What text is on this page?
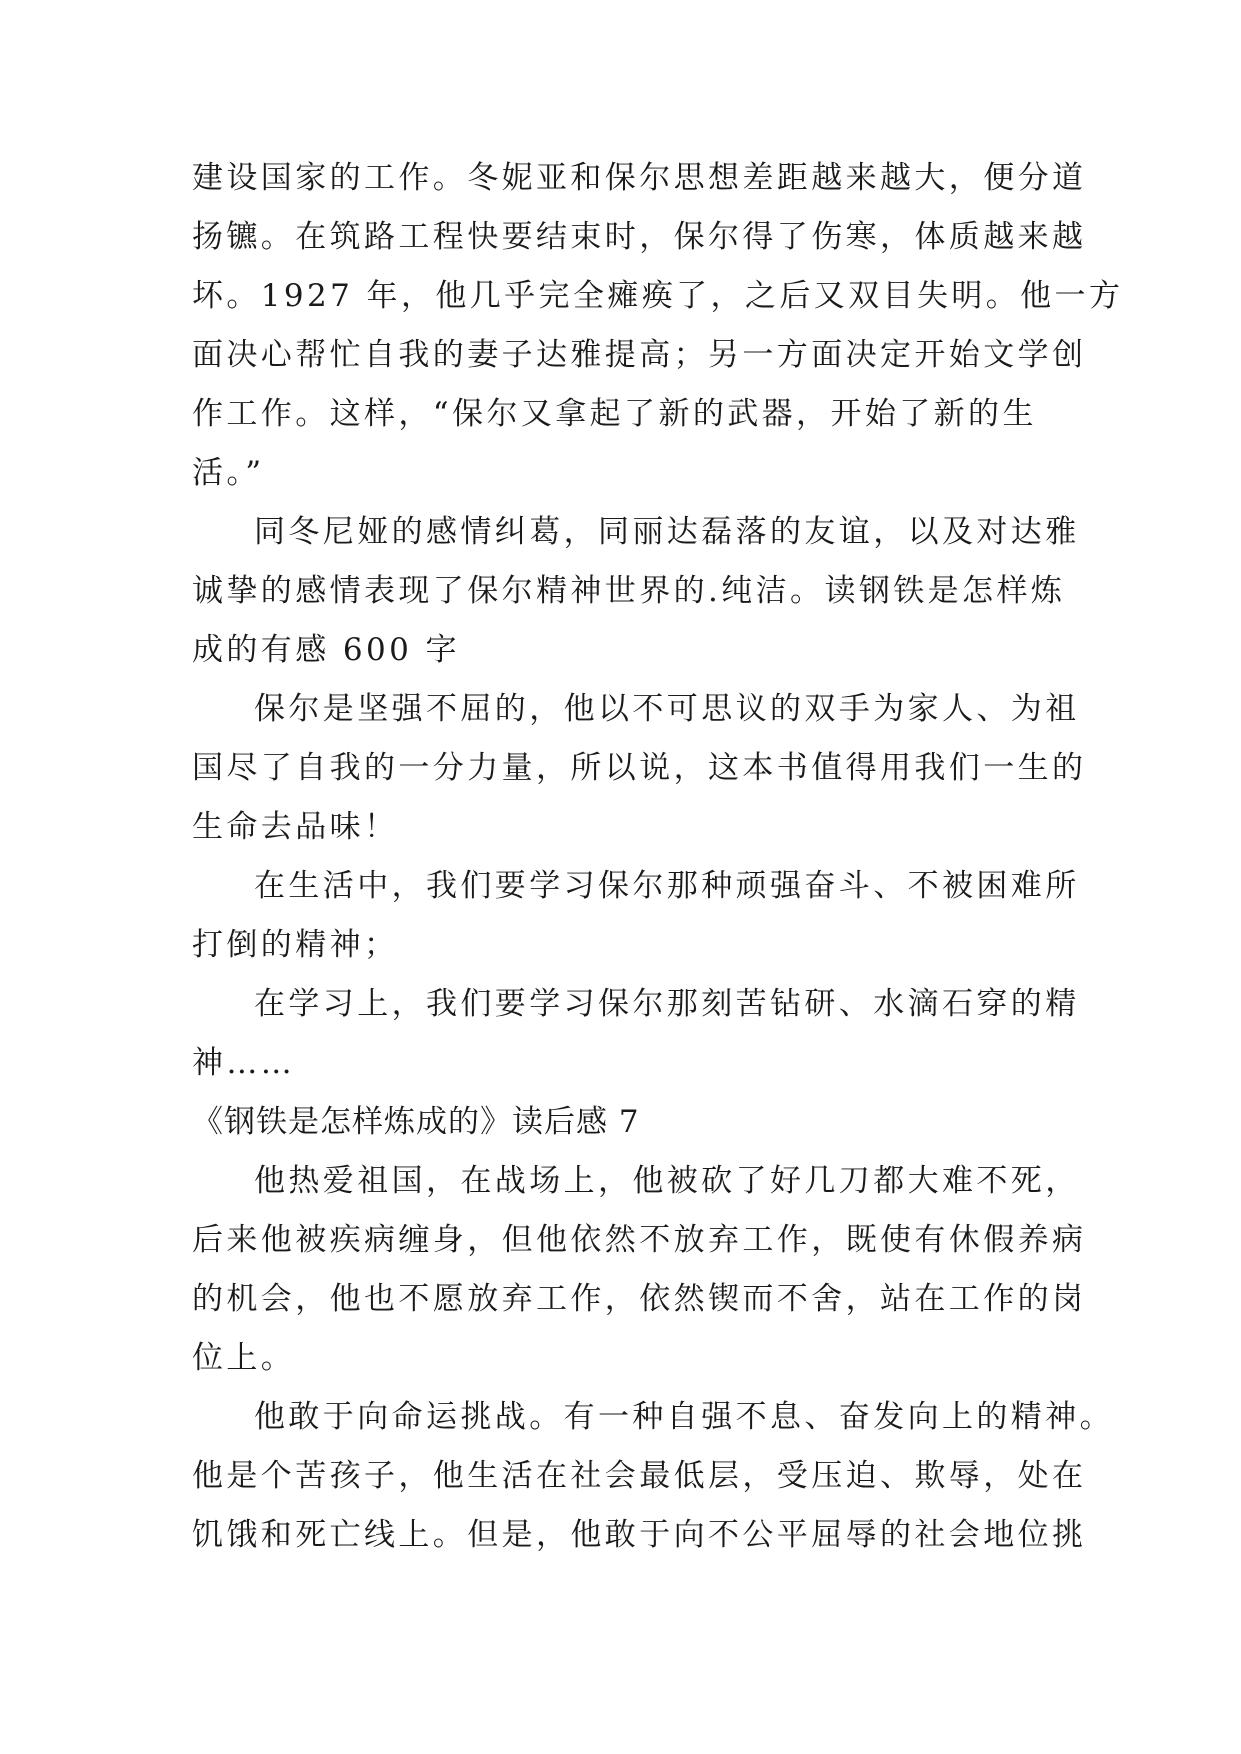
建设国家的工作。冬妮亚和保尔思想差距越来越大，便分道
扬镳。在筑路工程快要结束时，保尔得了伤寒，体质越来越
坏。1927 年，他几乎完全瘫痪了，之后又双目失明。他一方
面决心帮忙自我的妻子达雅提高；另一方面决定开始文学创
作工作。这样，“保尔又拿起了新的武器，开始了新的生
活。”
同冬尼娅的感情纠葛，同丽达磊落的友谊，以及对达雅
诚挚的感情表现了保尔精神世界的.纯洁。读钢铁是怎样炼
成的有感 600 字
保尔是坚强不屈的，他以不可思议的双手为家人、为祖
国尽了自我的一分力量，所以说，这本书值得用我们一生的
生命去品味！
在生活中，我们要学习保尔那种顽强奋斗、不被困难所
打倒的精神；
在学习上，我们要学习保尔那刻苦钻研、水滴石穿的精
神……
《钢铁是怎样炼成的》读后感 7
他热爱祖国，在战场上，他被砍了好几刀都大难不死，
后来他被疾病缠身，但他依然不放弃工作，既使有休假养病
的机会，他也不愿放弃工作，依然锲而不舍，站在工作的岗
位上。
他敢于向命运挑战。有一种自强不息、奋发向上的精神。
他是个苦孩子，他生活在社会最低层，受压迫、欺辱，处在
饥饿和死亡线上。但是，他敢于向不公平屈辱的社会地位挑
